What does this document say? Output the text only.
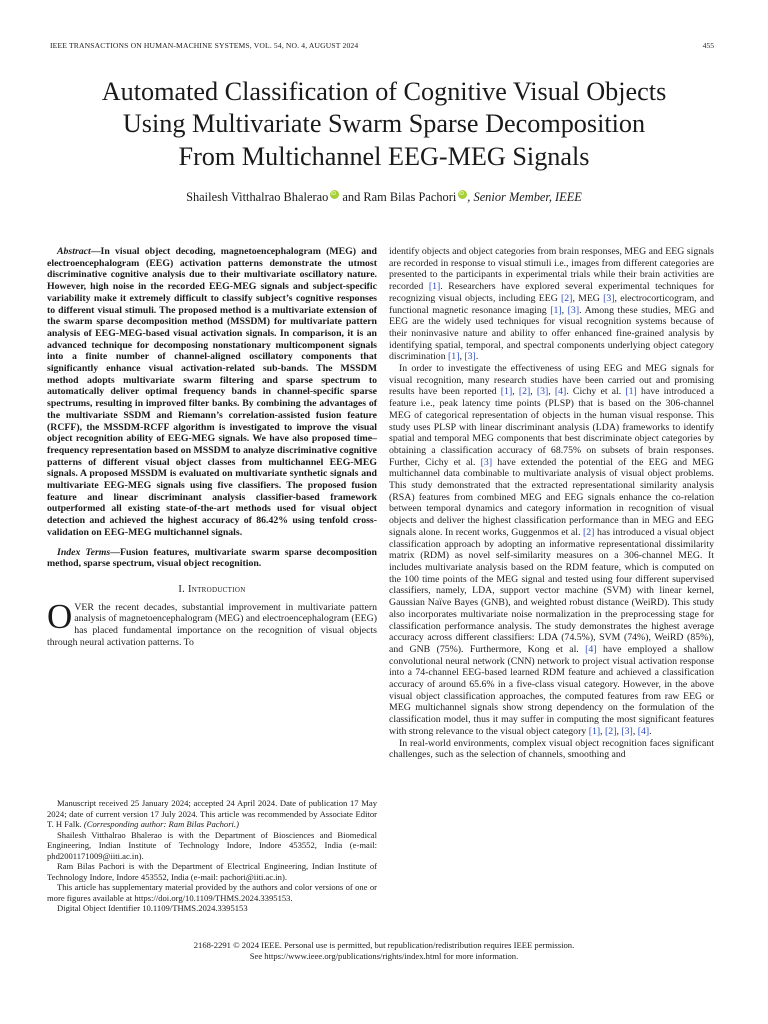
IEEE TRANSACTIONS ON HUMAN-MACHINE SYSTEMS, VOL. 54, NO. 4, AUGUST 2024	455
Automated Classification of Cognitive Visual Objects
Using Multivariate Swarm Sparse Decomposition
From Multichannel EEG-MEG Signals
Shailesh Vitthalrao Bhalerao iD and Ram Bilas Pachori iD , Senior Member, IEEE

Abstract—In visual object decoding, magnetoencephalogram (MEG) and electroencephalogram (EEG) activation patterns demonstrate the utmost discriminative cognitive analysis due to their multivariate oscillatory nature. However, high noise in the recorded EEG-MEG signals and subject-specific variability make it extremely difficult to classify subject’s cognitive responses to different visual stimuli. The proposed method is a multivariate extension of the swarm sparse decomposition method (MSSDM) for multivariate pattern analysis of EEG-MEG-based visual activation signals. In comparison, it is an advanced technique for decomposing nonstationary multicomponent signals into a finite number of channel-aligned oscillatory components that significantly enhance visual activation-related sub-bands. The MSSDM method adopts multivariate swarm filtering and sparse spectrum to automatically deliver optimal frequency bands in channel-specific sparse spectrums, resulting in improved filter banks. By combining the advantages of the multivariate SSDM and Riemann’s correlation-assisted fusion feature (RCFF), the MSSDM-RCFF algorithm is investigated to improve the visual object recognition ability of EEG-MEG signals. We have also proposed time–frequency representation based on MSSDM to analyze discriminative cognitive patterns of different visual object classes from multichannel EEG-MEG signals. A proposed MSSDM is evaluated on multivariate synthetic signals and multivariate EEG-MEG signals using five classifiers. The proposed fusion feature and linear discriminant analysis classifier-based framework outperformed all existing state-of-the-art methods used for visual object detection and achieved the highest accuracy of 86.42% using tenfold cross-validation on EEG-MEG multichannel signals.

Index Terms—Fusion features, multivariate swarm sparse decomposition method, sparse spectrum, visual object recognition.

I. Introduction

OVER the recent decades, substantial improvement in multivariate pattern analysis of magnetoencephalogram (MEG) and electroencephalogram (EEG) has placed fundamental importance on the recognition of visual objects through neural activation patterns. To

Manuscript received 25 January 2024; accepted 24 April 2024. Date of publication 17 May 2024; date of current version 17 July 2024. This article was recommended by Associate Editor T. H Falk. (Corresponding author: Ram Bilas Pachori.)

Shailesh Vitthalrao Bhalerao is with the Department of Biosciences and Biomedical Engineering, Indian Institute of Technology Indore, Indore 453552, India (e-mail: phd2001171009@iiti.ac.in).

Ram Bilas Pachori is with the Department of Electrical Engineering, Indian Institute of Technology Indore, Indore 453552, India (e-mail: pachori@iiti.ac.in).

This article has supplementary material provided by the authors and color versions of one or more figures available at https://doi.org/10.1109/THMS.2024.3395153.

Digital Object Identifier 10.1109/THMS.2024.3395153

identify objects and object categories from brain responses, MEG and EEG signals are recorded in response to visual stimuli i.e., images from different categories are presented to the participants in experimental trials while their brain activities are recorded [1]. Researchers have explored several experimental techniques for recognizing visual objects, including EEG [2], MEG [3], electrocorticogram, and functional magnetic resonance imaging [1], [3]. Among these studies, MEG and EEG are the widely used techniques for visual recognition systems because of their noninvasive nature and ability to offer enhanced fine-grained analysis by identifying spatial, temporal, and spectral components underlying object category discrimination [1], [3].

In order to investigate the effectiveness of using EEG and MEG signals for visual recognition, many research studies have been carried out and promising results have been reported [1], [2], [3], [4]. Cichy et al. [1] have introduced a feature i.e., peak latency time points (PLSP) that is based on the 306-channel MEG of categorical representation of objects in the human visual response. This study uses PLSP with linear discriminant analysis (LDA) frameworks to identify spatial and temporal MEG components that best discriminate object categories by obtaining a classification accuracy of 68.75% on subsets of brain responses. Further, Cichy et al. [3] have extended the potential of the EEG and MEG multichannel data combinable to multivariate analysis of visual object problems. This study demonstrated that the extracted representational similarity analysis (RSA) features from combined MEG and EEG signals enhance the co-relation between temporal dynamics and category information in recognition of visual objects and deliver the highest classification performance than in MEG and EEG signals alone. In recent works, Guggenmos et al. [2] has introduced a visual object classification approach by adopting an informative representational dissimilarity matrix (RDM) as novel self-similarity measures on a 306-channel MEG. It includes multivariate analysis based on the RDM feature, which is computed on the 100 time points of the MEG signal and tested using four different supervised classifiers, namely, LDA, support vector machine (SVM) with linear kernel, Gaussian Naïve Bayes (GNB), and weighted robust distance (WeiRD). This study also incorporates multivariate noise normalization in the preprocessing stage for classification performance analysis. The study demonstrates the highest average accuracy across different classifiers: LDA (74.5%), SVM (74%), WeiRD (85%), and GNB (75%). Furthermore, Kong et al. [4] have employed a shallow convolutional neural network (CNN) network to project visual activation response into a 74-channel EEG-based learned RDM feature and achieved a classification accuracy of around 65.6% in a five-class visual category. However, in the above visual object classification approaches, the computed features from raw EEG or MEG multichannel signals show strong dependency on the formulation of the classification model, thus it may suffer in computing the most significant features with strong relevance to the visual object category [1], [2], [3], [4].

In real-world environments, complex visual object recognition faces significant challenges, such as the selection of channels, smoothing and

2168-2291 © 2024 IEEE. Personal use is permitted, but republication/redistribution requires IEEE permission.
See https://www.ieee.org/publications/rights/index.html for more information.
